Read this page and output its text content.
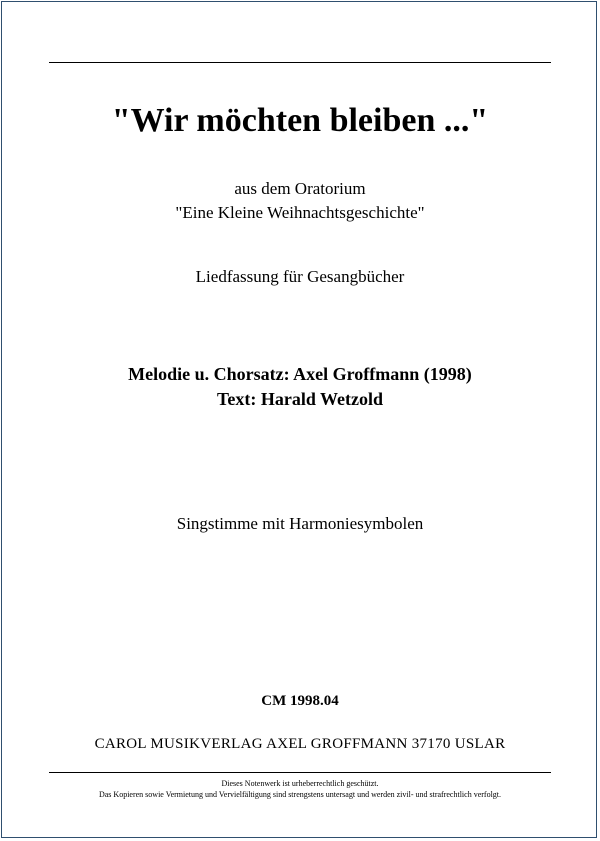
"Wir möchten bleiben ..."

aus dem Oratorium

"Eine Kleine Weihnachtsgeschichte"

Liedfassung für Gesangbücher

Melodie u. Chorsatz: Axel Groffmann (1998)

Text: Harald Wetzold

Singstimme mit Harmoniesymbolen

CM 1998.04

CAROL MUSIKVERLAG AXEL GROFFMANN 37170 USLAR

Dieses Notenwerk ist urheberrechtlich geschützt.

Das Kopieren sowie Vermietung und Vervielfältigung sind strengstens untersagt und werden zivil- und strafrechtlich verfolgt.
